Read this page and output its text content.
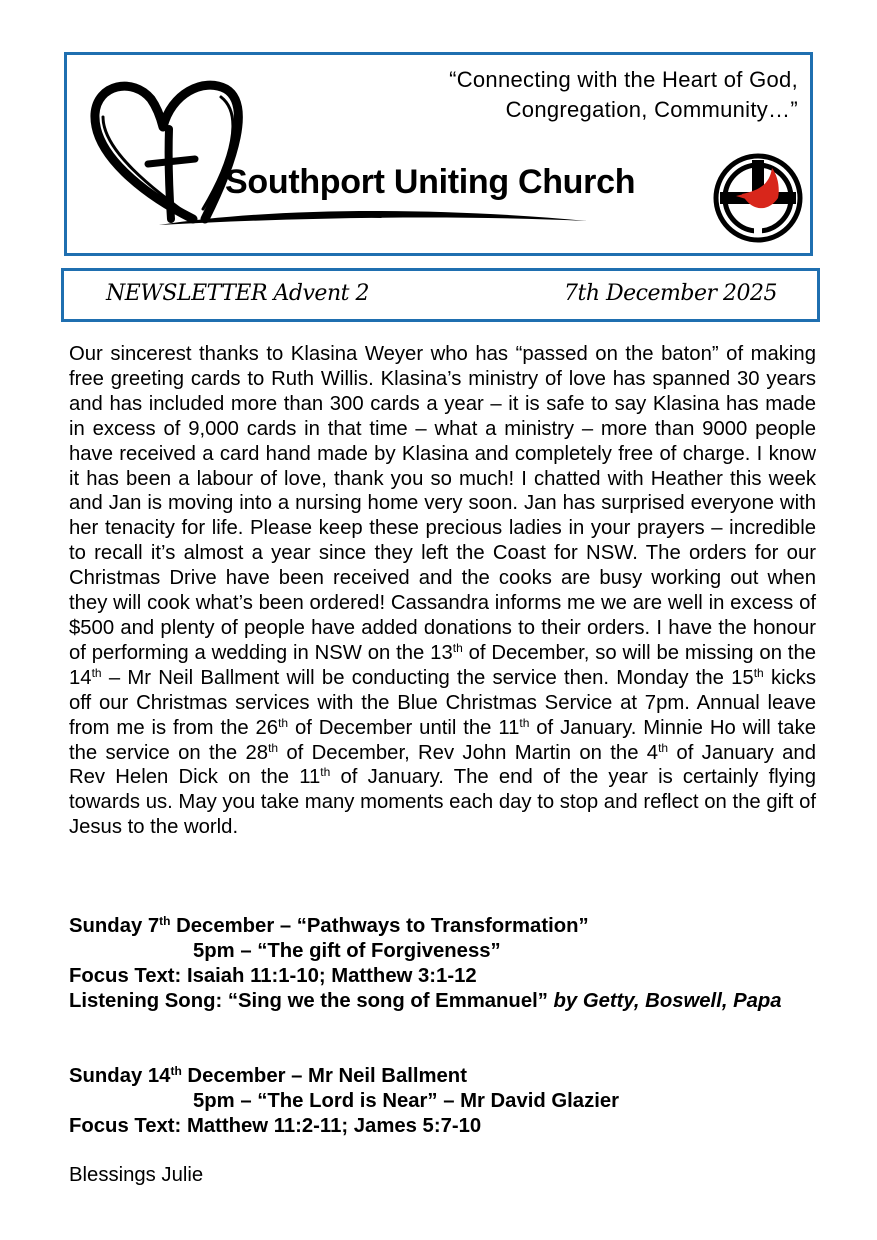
“Connecting with the Heart of God,
Congregation, Community…”
Southport Uniting Church
NEWSLETTER Advent 2	7th December 2025
Our sincerest thanks to Klasina Weyer who has “passed on the baton” of making free greeting cards to Ruth Willis. Klasina’s ministry of love has spanned 30 years and has included more than 300 cards a year – it is safe to say Klasina has made in excess of 9,000 cards in that time – what a ministry – more than 9000 people have received a card hand made by Klasina and completely free of charge. I know it has been a labour of love, thank you so much! I chatted with Heather this week and Jan is moving into a nursing home very soon. Jan has surprised everyone with her tenacity for life. Please keep these precious ladies in your prayers – incredible to recall it’s almost a year since they left the Coast for NSW. The orders for our Christmas Drive have been received and the cooks are busy working out when they will cook what’s been ordered! Cassandra informs me we are well in excess of $500 and plenty of people have added donations to their orders. I have the honour of performing a wedding in NSW on the 13th of December, so will be missing on the 14th – Mr Neil Ballment will be conducting the service then. Monday the 15th kicks off our Christmas services with the Blue Christmas Service at 7pm. Annual leave from me is from the 26th of December until the 11th of January. Minnie Ho will take the service on the 28th of December, Rev John Martin on the 4th of January and Rev Helen Dick on the 11th of January. The end of the year is certainly flying towards us. May you take many moments each day to stop and reflect on the gift of Jesus to the world.
Sunday 7th December – “Pathways to Transformation”
5pm – “The gift of Forgiveness”
Focus Text: Isaiah 11:1-10; Matthew 3:1-12
Listening Song: “Sing we the song of Emmanuel” by Getty, Boswell, Papa
Sunday 14th December – Mr Neil Ballment
5pm – “The Lord is Near” – Mr David Glazier
Focus Text: Matthew 11:2-11; James 5:7-10
Blessings Julie
